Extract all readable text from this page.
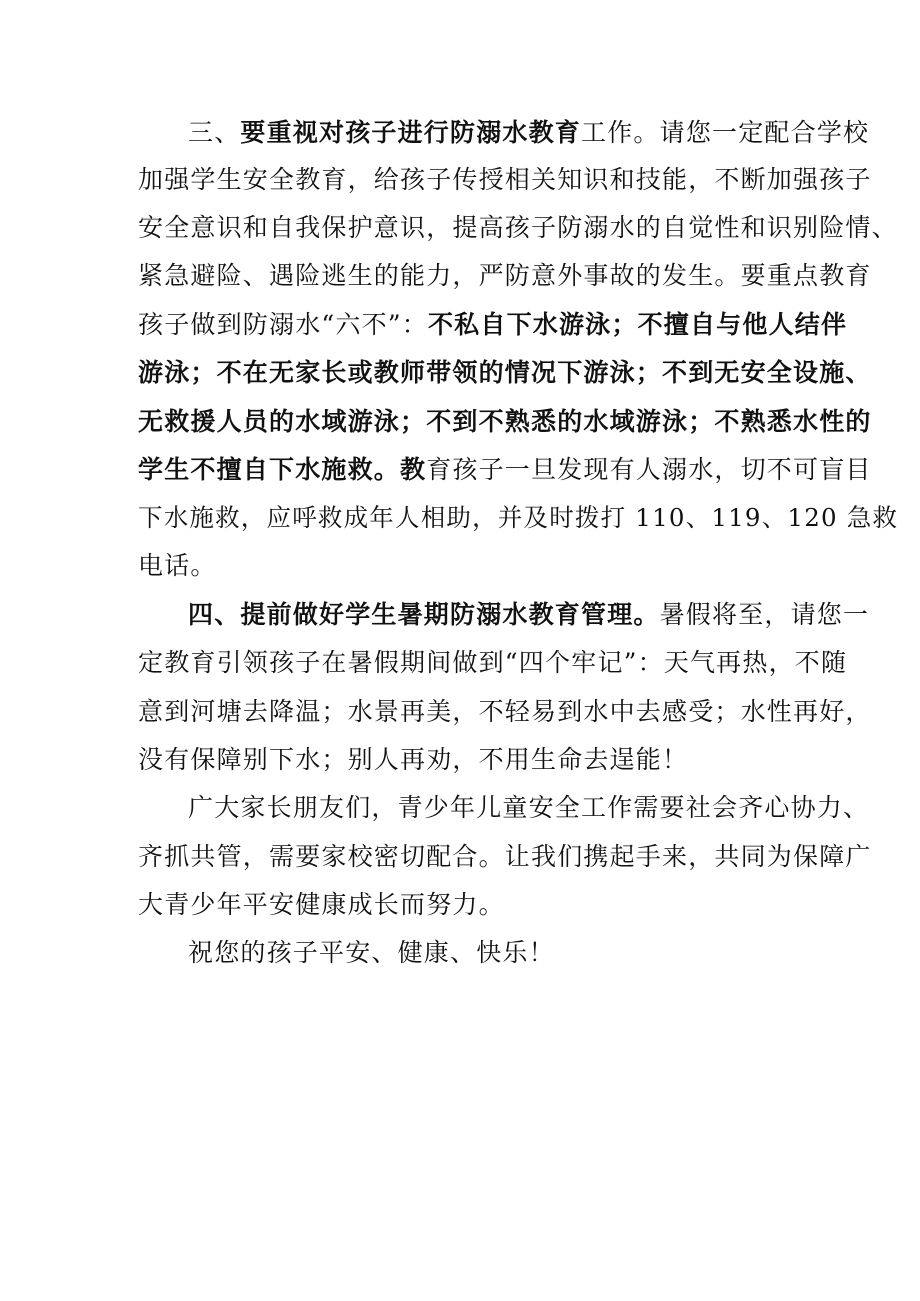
三、要重视对孩子进行防溺水教育工作。请您一定配合学校
加强学生安全教育，给孩子传授相关知识和技能，不断加强孩子
安全意识和自我保护意识，提高孩子防溺水的自觉性和识别险情、
紧急避险、遇险逃生的能力，严防意外事故的发生。要重点教育
孩子做到防溺水“六不”：不私自下水游泳；不擅自与他人结伴
游泳；不在无家长或教师带领的情况下游泳；不到无安全设施、
无救援人员的水域游泳；不到不熟悉的水域游泳；不熟悉水性的
学生不擅自下水施救。教育孩子一旦发现有人溺水，切不可盲目
下水施救，应呼救成年人相助，并及时拨打 110、119、120 急救
电话。
四、提前做好学生暑期防溺水教育管理。暑假将至，请您一
定教育引领孩子在暑假期间做到“四个牢记”：天气再热，不随
意到河塘去降温；水景再美，不轻易到水中去感受；水性再好，
没有保障别下水；别人再劝，不用生命去逞能！
广大家长朋友们，青少年儿童安全工作需要社会齐心协力、
齐抓共管，需要家校密切配合。让我们携起手来，共同为保障广
大青少年平安健康成长而努力。
祝您的孩子平安、健康、快乐！
